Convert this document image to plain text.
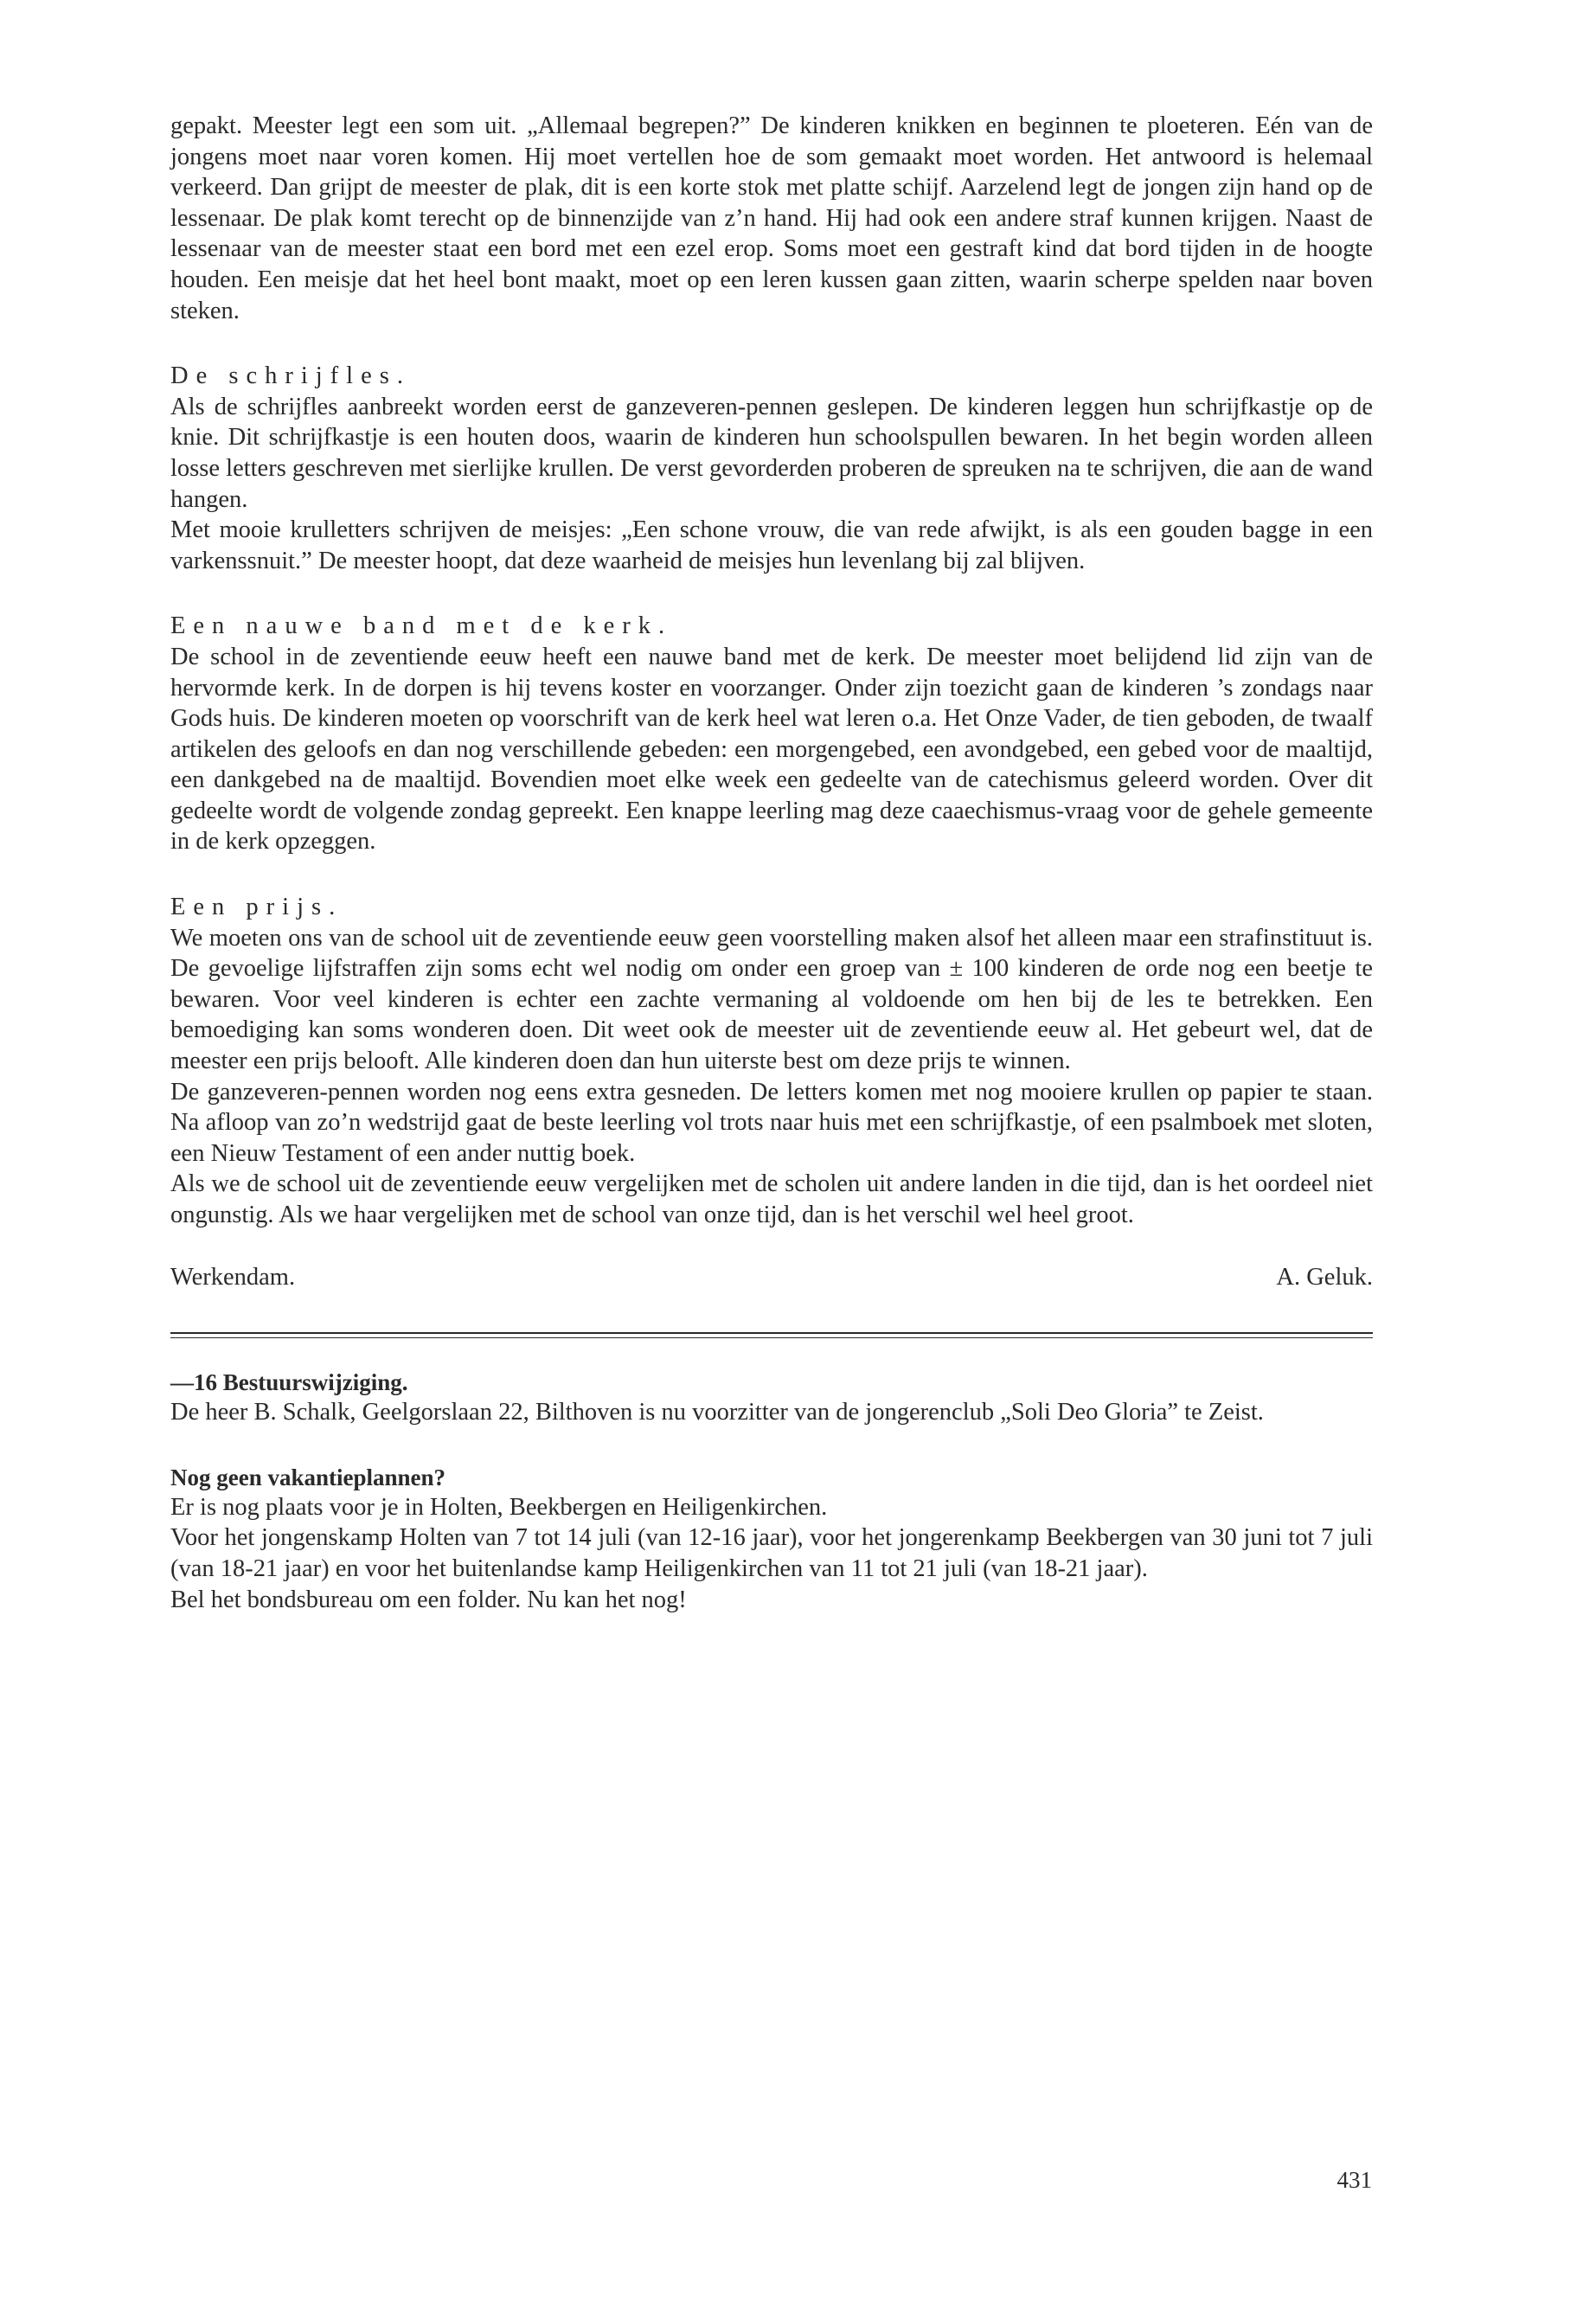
gepakt. Meester legt een som uit. „Allemaal begrepen?” De kinderen knikken en beginnen te ploeteren. Eén van de jongens moet naar voren komen. Hij moet vertellen hoe de som gemaakt moet worden. Het antwoord is helemaal verkeerd. Dan grijpt de meester de plak, dit is een korte stok met platte schijf. Aarzelend legt de jongen zijn hand op de lessenaar. De plak komt terecht op de binnenzijde van z’n hand. Hij had ook een andere straf kunnen krijgen. Naast de lessenaar van de meester staat een bord met een ezel erop. Soms moet een gestraft kind dat bord tijden in de hoogte houden. Een meisje dat het heel bont maakt, moet op een leren kussen gaan zitten, waarin scherpe spelden naar boven steken.

De schrijfles.

Als de schrijfles aanbreekt worden eerst de ganzeveren-pennen geslepen. De kinderen leggen hun schrijfkastje op de knie. Dit schrijfkastje is een houten doos, waarin de kinderen hun schoolspullen bewaren. In het begin worden alleen losse letters geschreven met sierlijke krullen. De verst gevorderden proberen de spreuken na te schrijven, die aan de wand hangen.

Met mooie krulletters schrijven de meisjes: „Een schone vrouw, die van rede afwijkt, is als een gouden bagge in een varkenssnuit.” De meester hoopt, dat deze waarheid de meisjes hun levenlang bij zal blijven.

Een nauwe band met de kerk.

De school in de zeventiende eeuw heeft een nauwe band met de kerk. De meester moet belijdend lid zijn van de hervormde kerk. In de dorpen is hij tevens koster en voorzanger. Onder zijn toezicht gaan de kinderen ’s zondags naar Gods huis. De kinderen moeten op voorschrift van de kerk heel wat leren o.a. Het Onze Vader, de tien geboden, de twaalf artikelen des geloofs en dan nog verschillende gebeden: een morgengebed, een avondgebed, een gebed voor de maaltijd, een dankgebed na de maaltijd. Bovendien moet elke week een gedeelte van de catechismus geleerd worden. Over dit gedeelte wordt de volgende zondag gepreekt. Een knappe leerling mag deze caaechismus-vraag voor de gehele gemeente in de kerk opzeggen.

Een prijs.

We moeten ons van de school uit de zeventiende eeuw geen voorstelling maken alsof het alleen maar een strafinstituut is. De gevoelige lijfstraffen zijn soms echt wel nodig om onder een groep van ± 100 kinderen de orde nog een beetje te bewaren. Voor veel kinderen is echter een zachte vermaning al voldoende om hen bij de les te betrekken. Een bemoediging kan soms wonderen doen. Dit weet ook de meester uit de zeventiende eeuw al. Het gebeurt wel, dat de meester een prijs belooft. Alle kinderen doen dan hun uiterste best om deze prijs te winnen.

De ganzeveren-pennen worden nog eens extra gesneden. De letters komen met nog mooiere krullen op papier te staan. Na afloop van zo’n wedstrijd gaat de beste leerling vol trots naar huis met een schrijfkastje, of een psalmboek met sloten, een Nieuw Testament of een ander nuttig boek.

Als we de school uit de zeventiende eeuw vergelijken met de scholen uit andere landen in die tijd, dan is het oordeel niet ongunstig. Als we haar vergelijken met de school van onze tijd, dan is het verschil wel heel groot.

Werkendam.	A. Geluk.

—16 Bestuurswijziging.

De heer B. Schalk, Geelgorslaan 22, Bilthoven is nu voorzitter van de jongerenclub „Soli Deo Gloria” te Zeist.

Nog geen vakantieplannen?

Er is nog plaats voor je in Holten, Beekbergen en Heiligenkirchen.

Voor het jongenskamp Holten van 7 tot 14 juli (van 12-16 jaar), voor het jongerenkamp Beekbergen van 30 juni tot 7 juli (van 18-21 jaar) en voor het buitenlandse kamp Heiligenkirchen van 11 tot 21 juli (van 18-21 jaar).

Bel het bondsbureau om een folder. Nu kan het nog!

431
